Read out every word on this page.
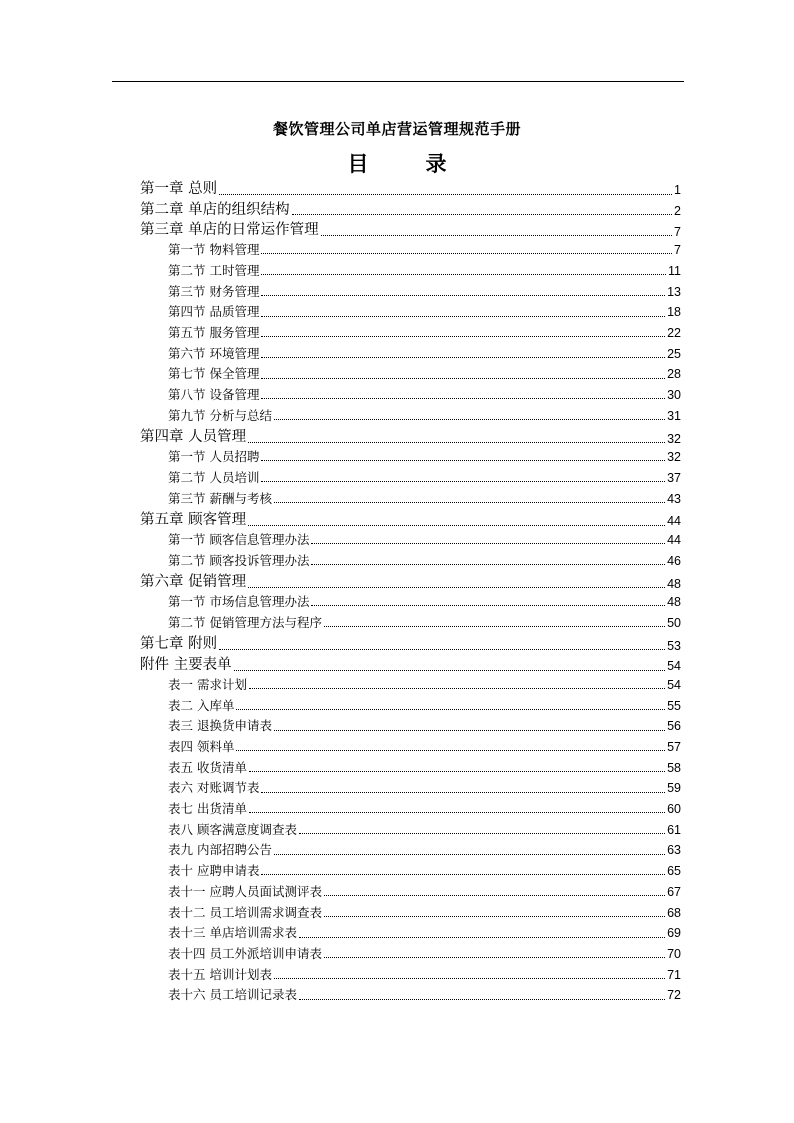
餐饮管理公司单店营运管理规范手册
目　录
第一章 总则	1
第二章 单店的组织结构	2
第三章 单店的日常运作管理	7
第一节 物料管理	7
第二节 工时管理	11
第三节 财务管理	13
第四节 品质管理	18
第五节 服务管理	22
第六节 环境管理	25
第七节 保全管理	28
第八节 设备管理	30
第九节 分析与总结	31
第四章 人员管理	32
第一节 人员招聘	32
第二节 人员培训	37
第三节 薪酬与考核	43
第五章 顾客管理	44
第一节 顾客信息管理办法	44
第二节 顾客投诉管理办法	46
第六章 促销管理	48
第一节 市场信息管理办法	48
第二节 促销管理方法与程序	50
第七章 附则	53
附件 主要表单	54
表一 需求计划	54
表二 入库单	55
表三 退换货申请表	56
表四 领料单	57
表五 收货清单	58
表六 对账调节表	59
表七 出货清单	60
表八 顾客满意度调查表	61
表九 内部招聘公告	63
表十 应聘申请表	65
表十一 应聘人员面试测评表	67
表十二 员工培训需求调查表	68
表十三 单店培训需求表	69
表十四 员工外派培训申请表	70
表十五 培训计划表	71
表十六 员工培训记录表	72
